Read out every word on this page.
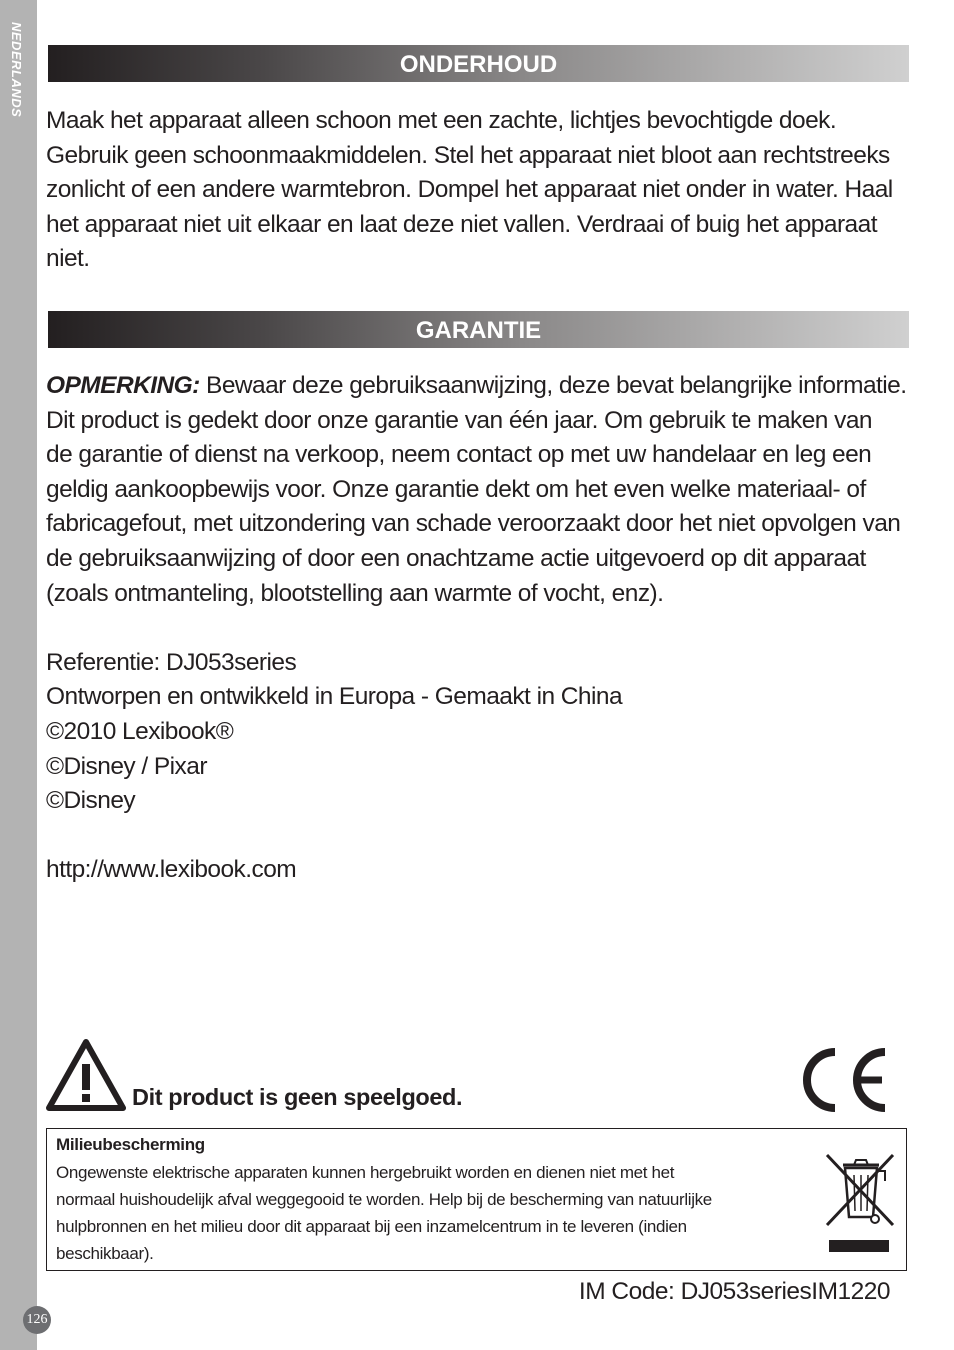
NEDERLANDS	ONDERHOUD

Maak het apparaat alleen schoon met een zachte, lichtjes bevochtigde doek.
Gebruik geen schoonmaakmiddelen. Stel het apparaat niet bloot aan rechtstreeks
zonlicht of een andere warmtebron. Dompel het apparaat niet onder in water. Haal
het apparaat niet uit elkaar en laat deze niet vallen. Verdraai of buig het apparaat
niet.

GARANTIE

OPMERKING: Bewaar deze gebruiksaanwijzing, deze bevat belangrijke informatie.
Dit product is gedekt door onze garantie van één jaar. Om gebruik te maken van
de garantie of dienst na verkoop, neem contact op met uw handelaar en leg een
geldig aankoopbewijs voor. Onze garantie dekt om het even welke materiaal- of
fabricagefout, met uitzondering van schade veroorzaakt door het niet opvolgen van
de gebruiksaanwijzing of door een onachtzame actie uitgevoerd op dit apparaat
(zoals ontmanteling, blootstelling aan warmte of vocht, enz).

Referentie: DJ053series
Ontworpen en ontwikkeld in Europa - Gemaakt in China
©2010 Lexibook®
©Disney / Pixar
©Disney

http://www.lexibook.com

Dit product is geen speelgoed.
Milieubescherming
Ongewenste elektrische apparaten kunnen hergebruikt worden en dienen niet met het
normaal huishoudelijk afval weggegooid te worden. Help bij de bescherming van natuurlijke
hulpbronnen en het milieu door dit apparaat bij een inzamelcentrum in te leveren (indien
beschikbaar).
IM Code: DJ053seriesIM1220
126
